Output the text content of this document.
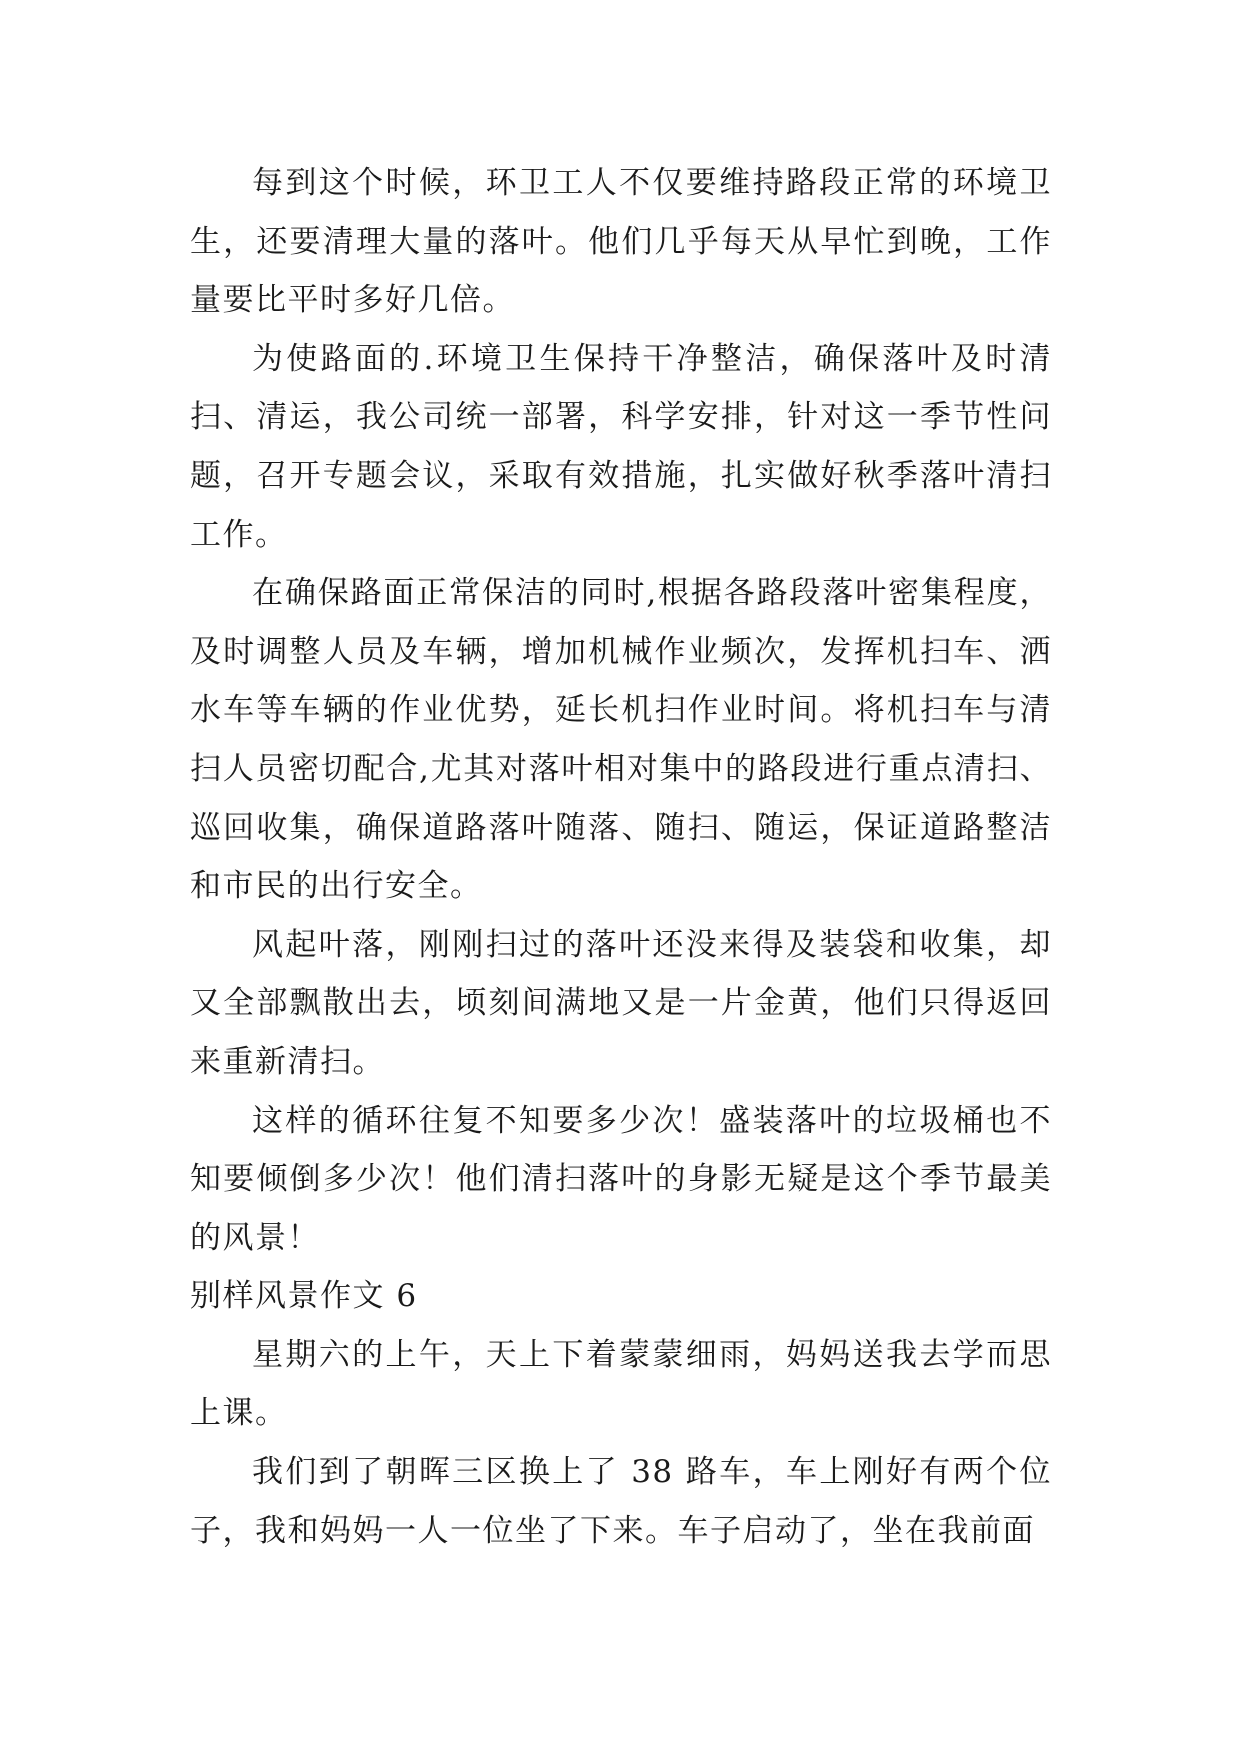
每到这个时候，环卫工人不仅要维持路段正常的环境卫生，还要清理大量的落叶。他们几乎每天从早忙到晚，工作量要比平时多好几倍。

为使路面的.环境卫生保持干净整洁，确保落叶及时清扫、清运，我公司统一部署，科学安排，针对这一季节性问题，召开专题会议，采取有效措施，扎实做好秋季落叶清扫工作。

在确保路面正常保洁的同时,根据各路段落叶密集程度，及时调整人员及车辆，增加机械作业频次，发挥机扫车、洒水车等车辆的作业优势，延长机扫作业时间。将机扫车与清扫人员密切配合,尤其对落叶相对集中的路段进行重点清扫、巡回收集，确保道路落叶随落、随扫、随运，保证道路整洁和市民的出行安全。

风起叶落，刚刚扫过的落叶还没来得及装袋和收集，却又全部飘散出去，顷刻间满地又是一片金黄，他们只得返回来重新清扫。

这样的循环往复不知要多少次！盛装落叶的垃圾桶也不知要倾倒多少次！他们清扫落叶的身影无疑是这个季节最美的风景！

别样风景作文 6

星期六的上午，天上下着蒙蒙细雨，妈妈送我去学而思上课。

我们到了朝晖三区换上了 38 路车，车上刚好有两个位子，我和妈妈一人一位坐了下来。车子启动了，坐在我前面
